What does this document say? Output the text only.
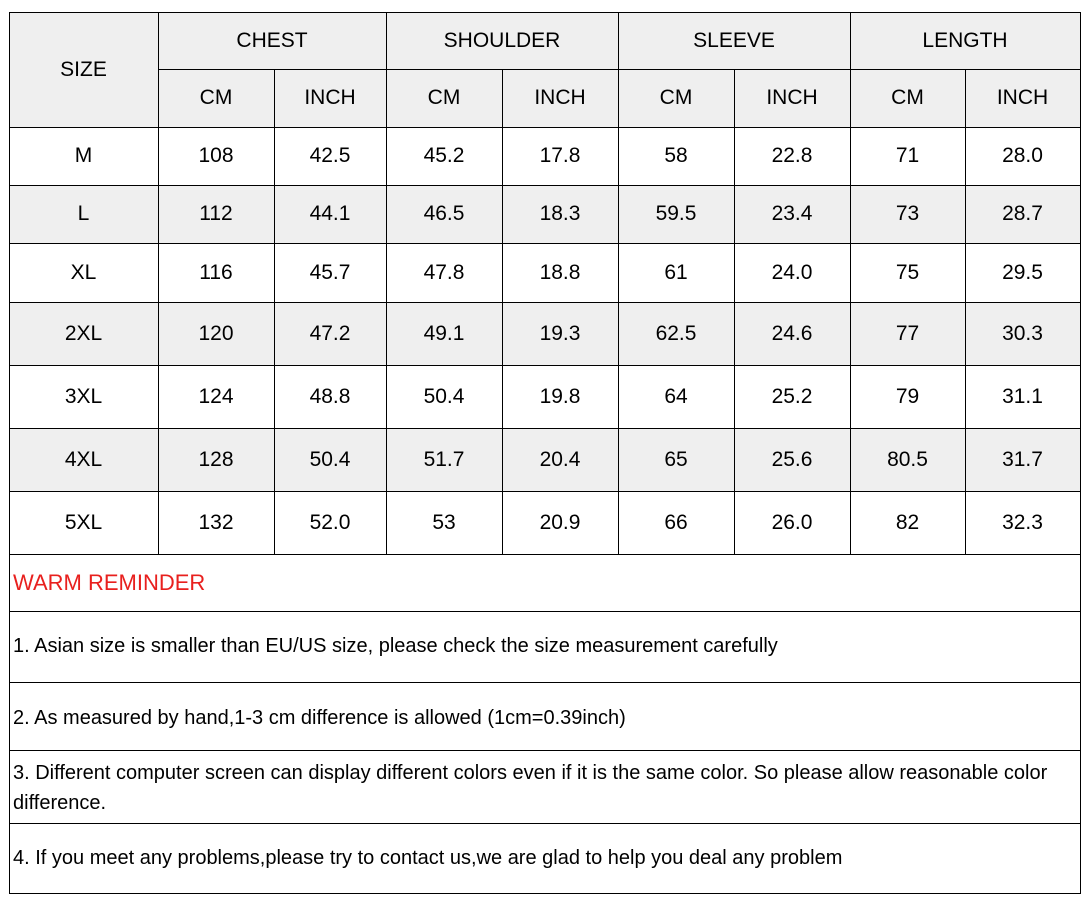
SIZE
CHEST	SHOULDER	SLEEVE	LENGTH
CM	INCH	CM	INCH	CM	INCH	CM	INCH
M	108	42.5	45.2	17.8	58	22.8	71	28.0
L	112	44.1	46.5	18.3	59.5	23.4	73	28.7
XL	116	45.7	47.8	18.8	61	24.0	75	29.5
2XL	120	47.2	49.1	19.3	62.5	24.6	77	30.3
3XL	124	48.8	50.4	19.8	64	25.2	79	31.1
4XL	128	50.4	51.7	20.4	65	25.6	80.5	31.7
5XL	132	52.0	53	20.9	66	26.0	82	32.3
WARM REMINDER
1. Asian size is smaller than EU/US size, please check the size measurement carefully
2. As measured by hand,1-3 cm difference is allowed (1cm=0.39inch)
3. Different computer screen can display different colors even if it is the same color. So please allow reasonable color difference.
4. If you meet any problems,please try to contact us,we are glad to help you deal any problem
